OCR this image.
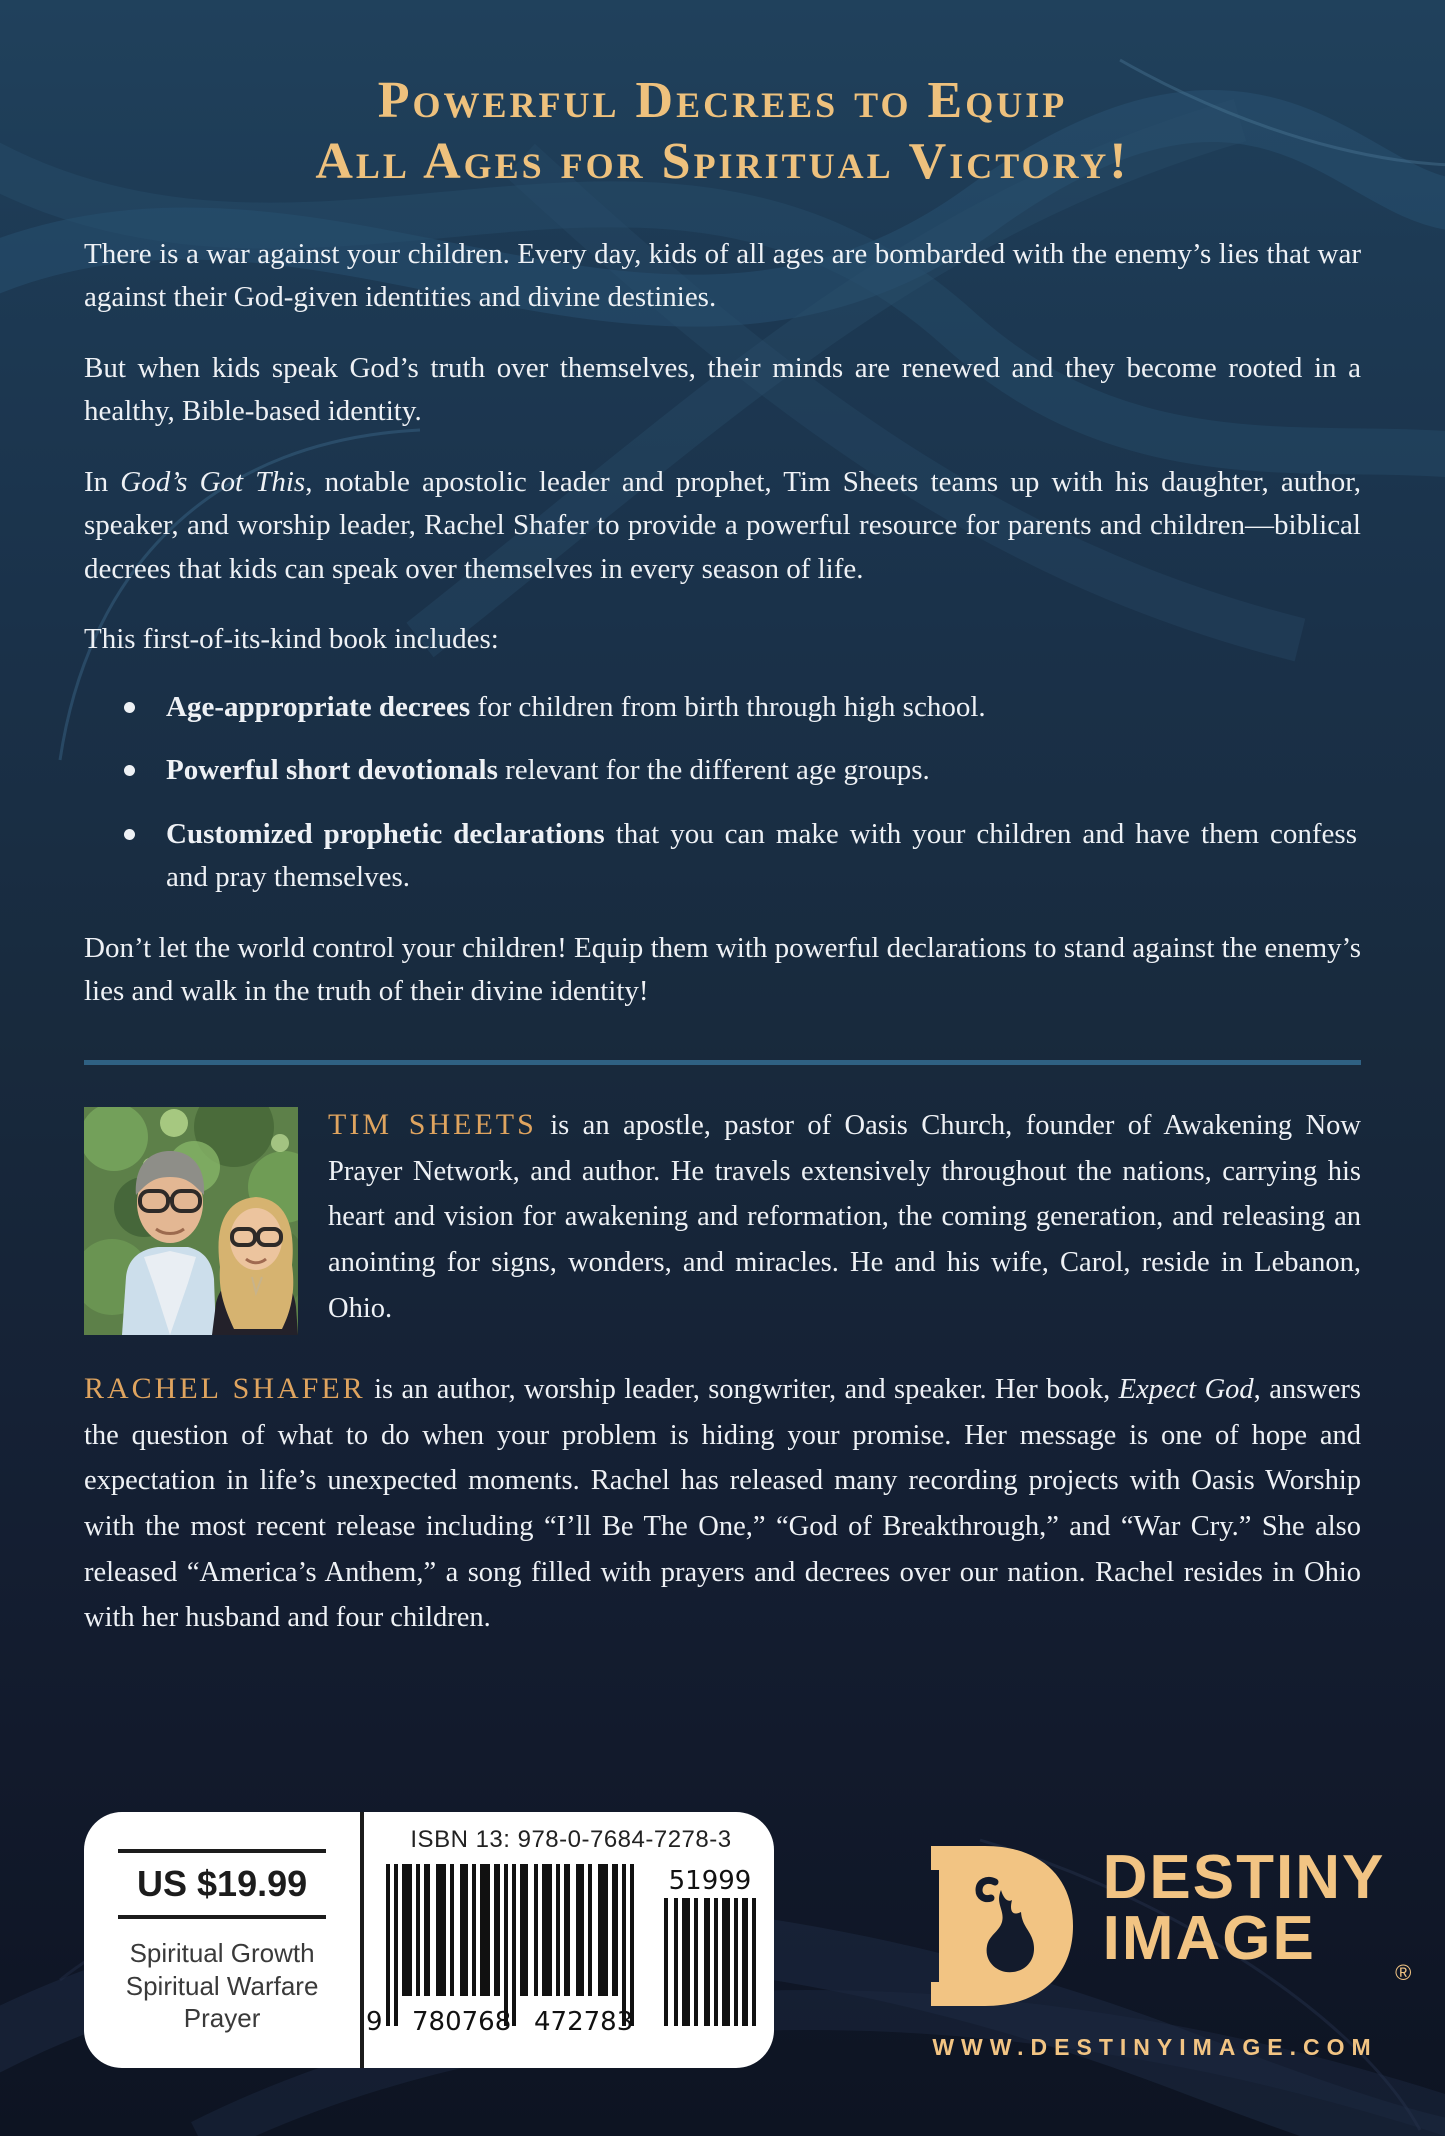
Powerful Decrees to Equip
All Ages for Spiritual Victory!

There is a war against your children. Every day, kids of all ages are bombarded with the enemy’s lies that war against their God-given identities and divine destinies.

But when kids speak God’s truth over themselves, their minds are renewed and they become rooted in a healthy, Bible-based identity.

In God’s Got This, notable apostolic leader and prophet, Tim Sheets teams up with his daughter, author, speaker, and worship leader, Rachel Shafer to provide a powerful resource for parents and children—biblical decrees that kids can speak over themselves in every season of life.

This first-of-its-kind book includes:

Age-appropriate decrees for children from birth through high school.
Powerful short devotionals relevant for the different age groups.
Customized prophetic declarations that you can make with your children and have them confess and pray themselves.

Don’t let the world control your children! Equip them with powerful declarations to stand against the enemy’s lies and walk in the truth of their divine identity!

TIM SHEETS is an apostle, pastor of Oasis Church, founder of Awakening Now Prayer Network, and author. He travels extensively throughout the nations, carrying his heart and vision for awakening and reformation, the coming generation, and releasing an anointing for signs, wonders, and miracles. He and his wife, Carol, reside in Lebanon, Ohio.

RACHEL SHAFER is an author, worship leader, songwriter, and speaker. Her book, Expect God, answers the question of what to do when your problem is hiding your promise. Her message is one of hope and expectation in life’s unexpected moments. Rachel has released many recording projects with Oasis Worship with the most recent release including “I’ll Be The One,” “God of Breakthrough,” and “War Cry.” She also released “America’s Anthem,” a song filled with prayers and decrees over our nation. Rachel resides in Ohio with her husband and four children.

US $19.99
Spiritual Growth
Spiritual Warfare
Prayer
ISBN 13: 978-0-7684-7278-3
9 780768 472783
51999	DESTINY
IMAGE	®
WWW.DESTINYIMAGE.COM
